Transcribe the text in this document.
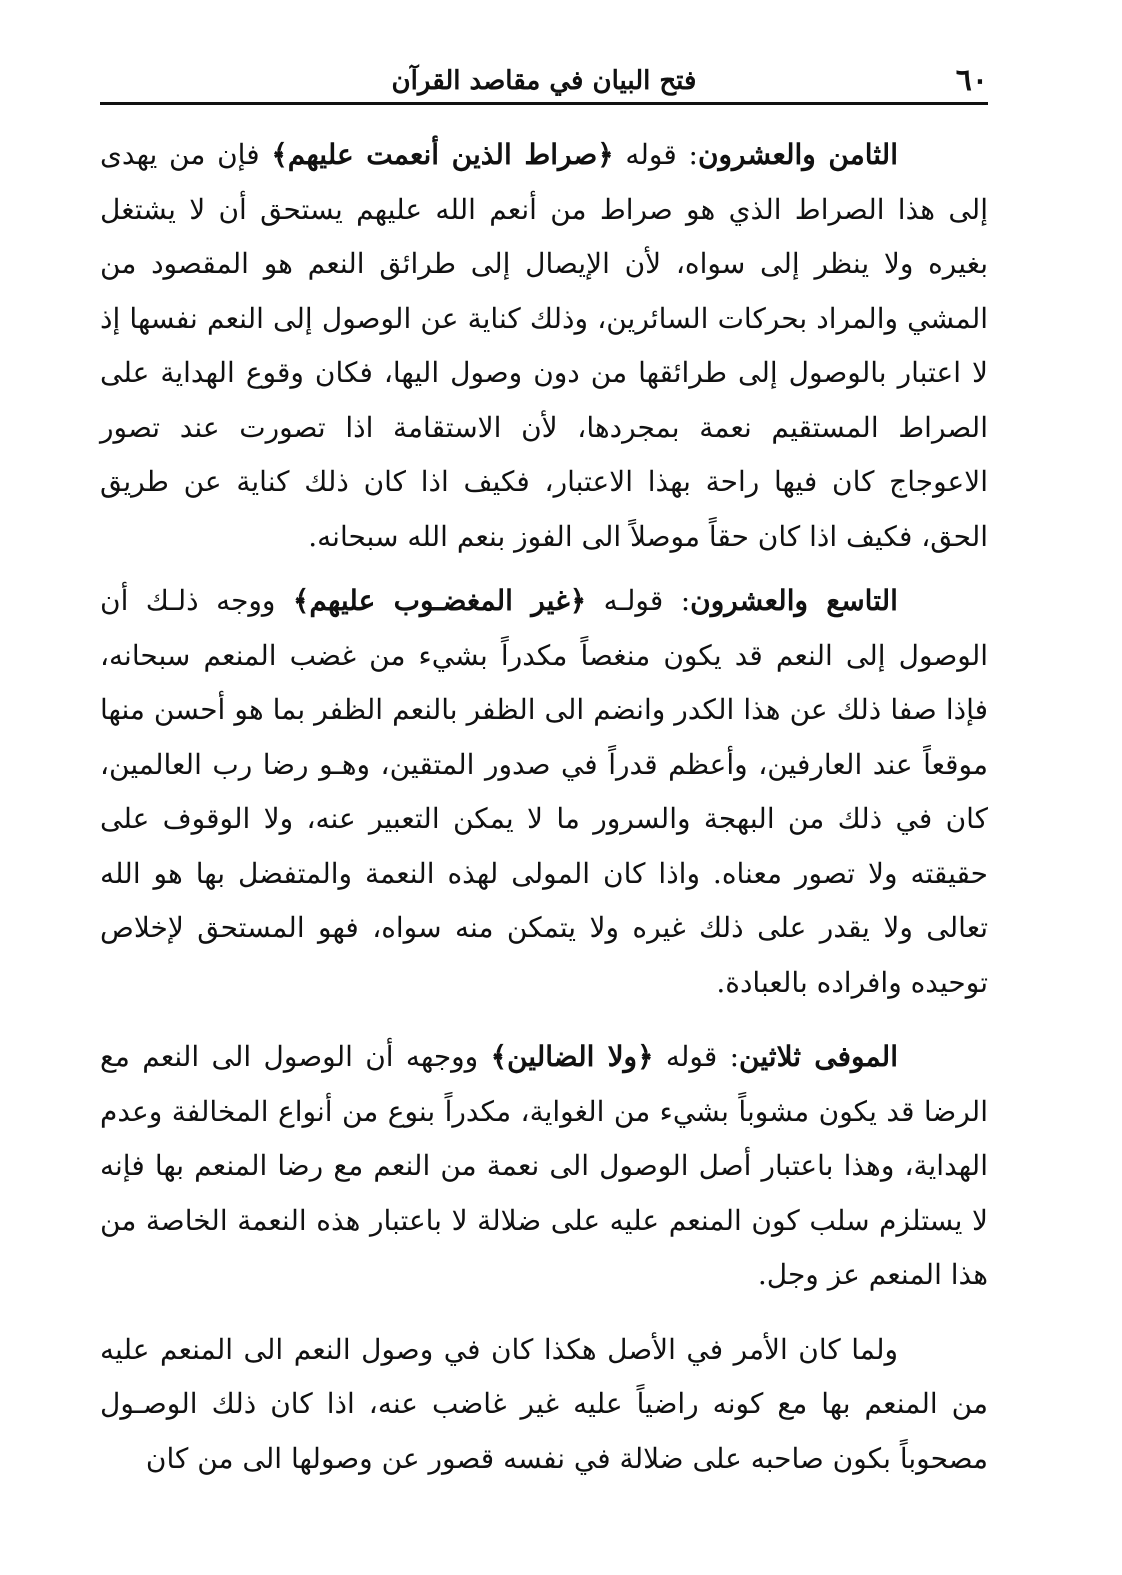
٦٠
فتح البيان في مقاصد القرآن

الثامن والعشرون: قوله ﴿صراط الذين أنعمت عليهم﴾ فإن من يهدى إلى هذا الصراط الذي هو صراط من أنعم الله عليهم يستحق أن لا يشتغل بغيره ولا ينظر إلى سواه، لأن الإيصال إلى طرائق النعم هو المقصود من المشي والمراد بحركات السائرين، وذلك كناية عن الوصول إلى النعم نفسها إذ لا اعتبار بالوصول إلى طرائقها من دون وصول اليها، فكان وقوع الهداية على الصراط المستقيم نعمة بمجردها، لأن الاستقامة اذا تصورت عند تصور الاعوجاج كان فيها راحة بهذا الاعتبار، فكيف اذا كان ذلك كناية عن طريق الحق، فكيف اذا كان حقاً موصلاً الى الفوز بنعم الله سبحانه.

التاسع والعشرون: قولـه ﴿غير المغضـوب عليهم﴾ ووجه ذلـك أن الوصول إلى النعم قد يكون منغصاً مكدراً بشيء من غضب المنعم سبحانه، فإذا صفا ذلك عن هذا الكدر وانضم الى الظفر بالنعم الظفر بما هو أحسن منها موقعاً عند العارفين، وأعظم قدراً في صدور المتقين، وهـو رضا رب العالمين، كان في ذلك من البهجة والسرور ما لا يمكن التعبير عنه، ولا الوقوف على حقيقته ولا تصور معناه. واذا كان المولى لهذه النعمة والمتفضل بها هو الله تعالى ولا يقدر على ذلك غيره ولا يتمكن منه سواه، فهو المستحق لإخلاص توحيده وافراده بالعبادة.

الموفى ثلاثين: قوله ﴿ولا الضالين﴾ ووجهه أن الوصول الى النعم مع الرضا قد يكون مشوباً بشيء من الغواية، مكدراً بنوع من أنواع المخالفة وعدم الهداية، وهذا باعتبار أصل الوصول الى نعمة من النعم مع رضا المنعم بها فإنه لا يستلزم سلب كون المنعم عليه على ضلالة لا باعتبار هذه النعمة الخاصة من هذا المنعم عز وجل.

ولما كان الأمر في الأصل هكذا كان في وصول النعم الى المنعم عليه من المنعم بها مع كونه راضياً عليه غير غاضب عنه، اذا كان ذلك الوصـول مصحوباً بكون صاحبه على ضلالة في نفسه قصور عن وصولها الى من كان
